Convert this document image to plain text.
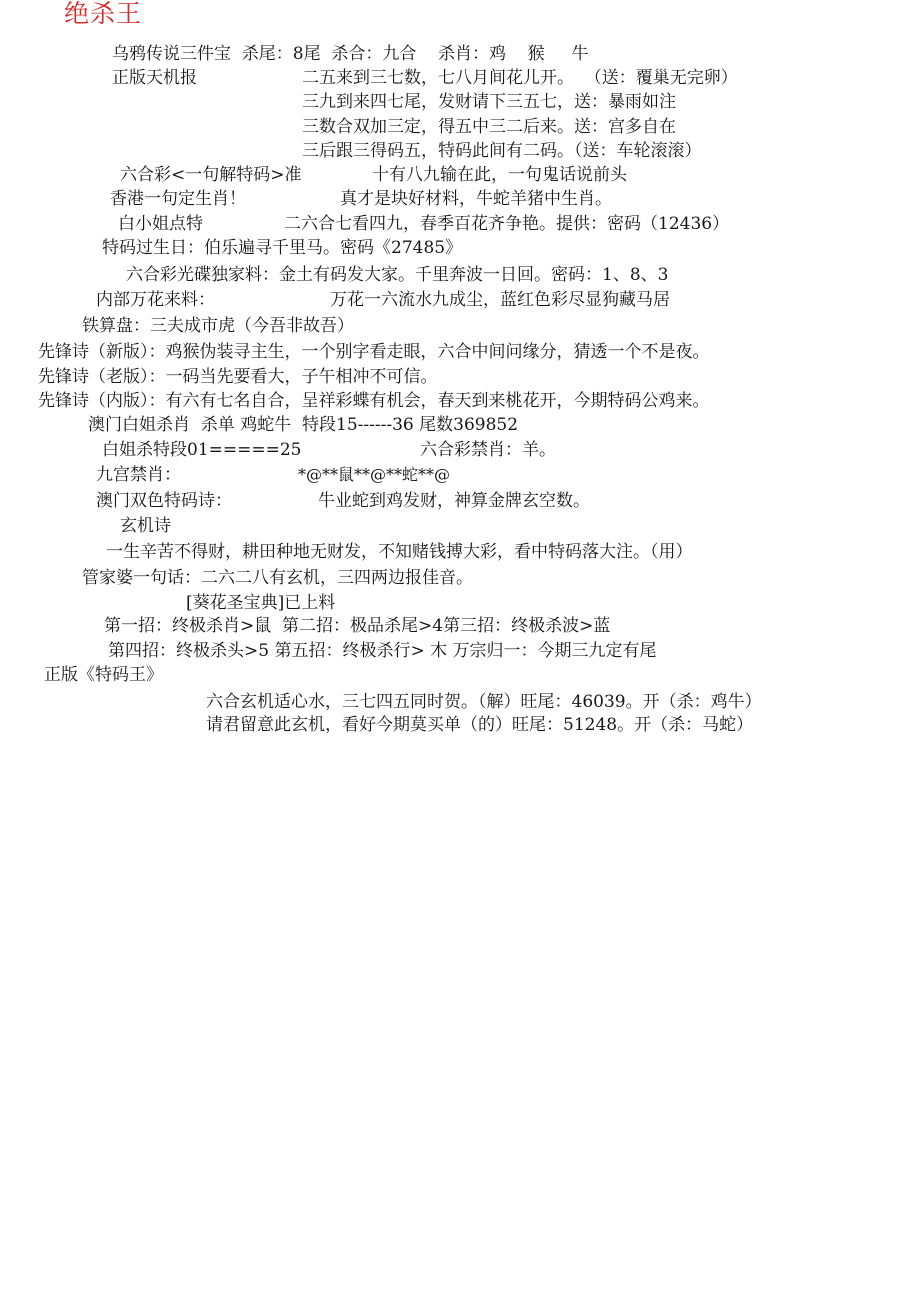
绝杀王
乌鸦传说三件宝  杀尾：8尾  杀合：九合    杀肖：鸡    猴     牛
正版天机报	二五来到三七数，七八月间花儿开。  （送：覆巢无完卵）
三九到来四七尾，发财请下三五七，送：暴雨如注
三数合双加三定，得五中三二后来。送：宫多自在
三后跟三得码五，特码此间有二码。（送：车轮滚滚）
六合彩<一句解特码>准	十有八九输在此，一句鬼话说前头
香港一句定生肖！	真才是块好材料，牛蛇羊猪中生肖。
白小姐点特	二六合七看四九，春季百花齐争艳。提供：密码（12436）
特码过生日：伯乐遍寻千里马。密码《27485》
六合彩光碟独家料：金土有码发大家。千里奔波一日回。密码：1、8、3
内部万花来料：	万花一六流水九成尘，蓝红色彩尽显狗藏马居
铁算盘：三夫成市虎（今吾非故吾）
先锋诗（新版）：鸡猴伪装寻主生，一个别字看走眼，六合中间问缘分，猜透一个不是夜。
先锋诗（老版）：一码当先要看大，子午相冲不可信。
先锋诗（内版）：有六有七名自合，呈祥彩蝶有机会，春天到来桃花开，今期特码公鸡来。
澳门白姐杀肖  杀单 鸡蛇牛  特段15------36 尾数369852
白姐杀特段01=====25	六合彩禁肖：羊。
九宫禁肖：	*@**鼠**@**蛇**@
澳门双色特码诗：	牛业蛇到鸡发财，神算金牌玄空数。
玄机诗
一生辛苦不得财，耕田种地无财发，不知赌钱搏大彩，看中特码落大注。（用）
管家婆一句话：二六二八有玄机，三四两边报佳音。
[葵花圣宝典]已上料
第一招：终极杀肖>鼠  第二招：极品杀尾>4第三招：终极杀波>蓝
第四招：终极杀头>5 第五招：终极杀行> 木 万宗归一：今期三九定有尾
正版《特码王》
六合玄机适心水，三七四五同时贺。（解）旺尾：46039。开（杀：鸡牛）
请君留意此玄机，看好今期莫买单（的）旺尾：51248。开（杀：马蛇）
